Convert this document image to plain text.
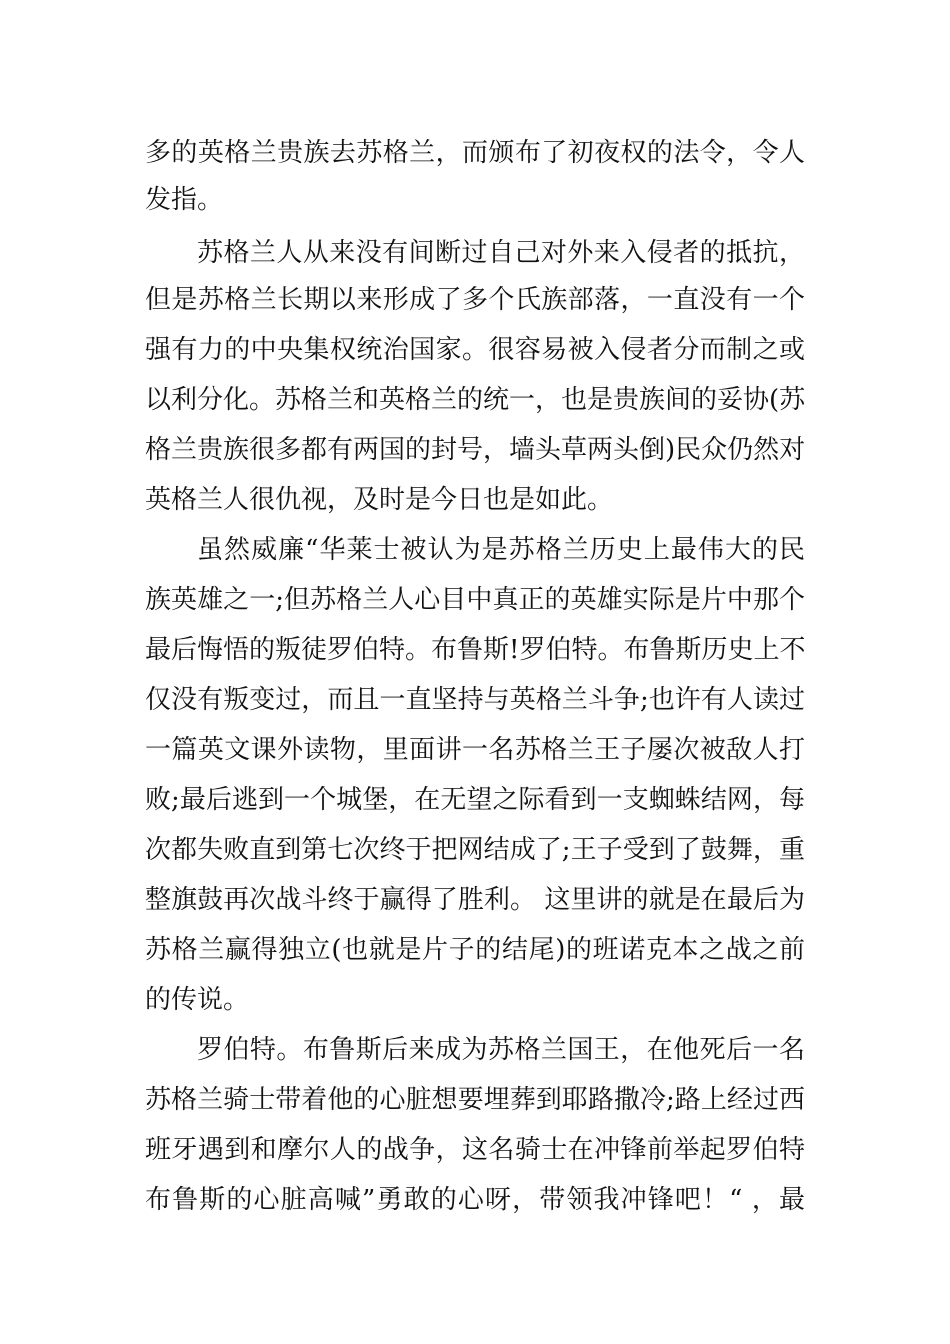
多的英格兰贵族去苏格兰，而颁布了初夜权的法令，令人
发指。
苏格兰人从来没有间断过自己对外来入侵者的抵抗，
但是苏格兰长期以来形成了多个氏族部落，一直没有一个
强有力的中央集权统治国家。很容易被入侵者分而制之或
以利分化。苏格兰和英格兰的统一，也是贵族间的妥协(苏
格兰贵族很多都有两国的封号，墙头草两头倒)民众仍然对
英格兰人很仇视，及时是今日也是如此。
虽然威廉“华莱士被认为是苏格兰历史上最伟大的民
族英雄之一;但苏格兰人心目中真正的英雄实际是片中那个
最后悔悟的叛徒罗伯特。布鲁斯!罗伯特。布鲁斯历史上不
仅没有叛变过，而且一直坚持与英格兰斗争;也许有人读过
一篇英文课外读物，里面讲一名苏格兰王子屡次被敌人打
败;最后逃到一个城堡，在无望之际看到一支蜘蛛结网，每
次都失败直到第七次终于把网结成了;王子受到了鼓舞，重
整旗鼓再次战斗终于赢得了胜利。 这里讲的就是在最后为
苏格兰赢得独立(也就是片子的结尾)的班诺克本之战之前
的传说。
罗伯特。布鲁斯后来成为苏格兰国王，在他死后一名
苏格兰骑士带着他的心脏想要埋葬到耶路撒冷;路上经过西
班牙遇到和摩尔人的战争，这名骑士在冲锋前举起罗伯特
布鲁斯的心脏高喊”勇敢的心呀，带领我冲锋吧！“ ，最
